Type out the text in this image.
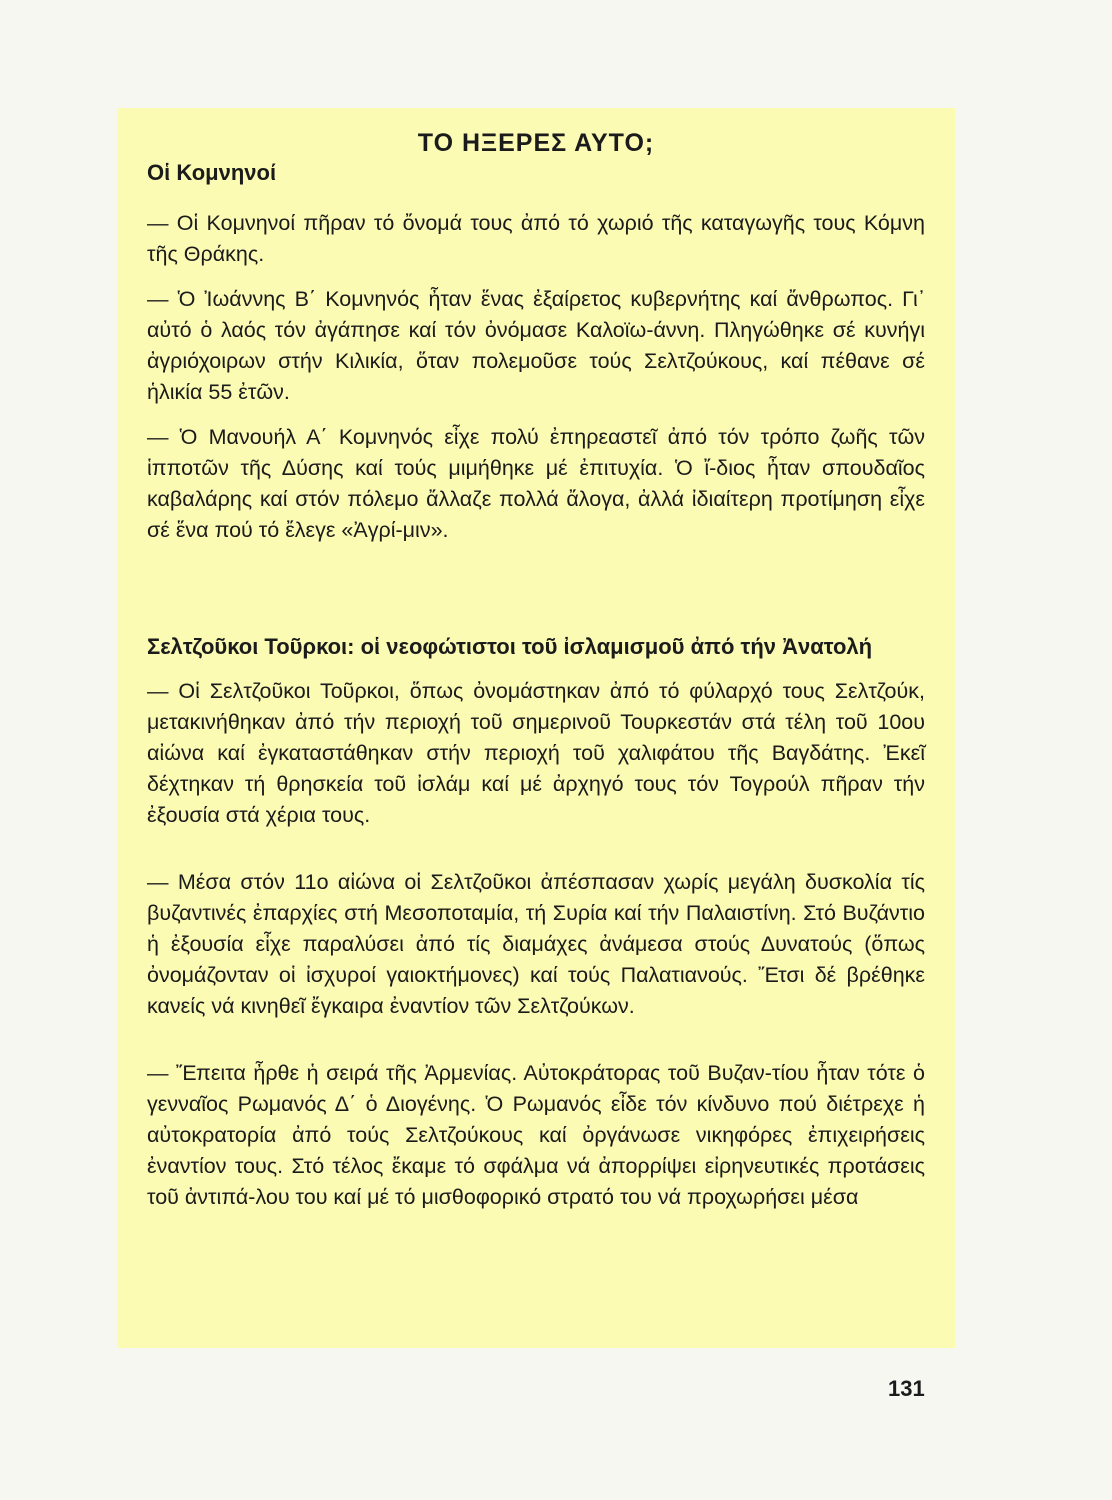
ΤΟ ΗΞΕΡΕΣ ΑΥΤΟ;
Οἱ Κομνηνοί

— Οἱ Κομνηνοί πῆραν τό ὄνομά τους ἀπό τό χωριό τῆς καταγωγῆς τους Κόμνη τῆς Θράκης.

— Ὁ Ἰωάννης Β΄ Κομνηνός ἦταν ἕνας ἐξαίρετος κυβερνήτης καί ἄνθρωπος. Γι᾽ αὐτό ὁ λαός τόν ἀγάπησε καί τόν ὀνόμασε Καλοϊω-άννη. Πληγώθηκε σέ κυνήγι ἀγριόχοιρων στήν Κιλικία, ὅταν πολεμοῦσε τούς Σελτζούκους, καί πέθανε σέ ἡλικία 55 ἐτῶν.

— Ὁ Μανουήλ Α΄ Κομνηνός εἶχε πολύ ἐπηρεαστεῖ ἀπό τόν τρόπο ζωῆς τῶν ἱπποτῶν τῆς Δύσης καί τούς μιμήθηκε μέ ἐπιτυχία. Ὁ ἴ-διος ἦταν σπουδαῖος καβαλάρης καί στόν πόλεμο ἄλλαζε πολλά ἄλογα, ἀλλά ἰδιαίτερη προτίμηση εἶχε σέ ἕνα πού τό ἔλεγε «Ἀγρί-μιν».

Σελτζοῦκοι Τοῦρκοι: οἱ νεοφώτιστοι τοῦ ἰσλαμισμοῦ ἀπό τήν Ἀνατολή

— Οἱ Σελτζοῦκοι Τοῦρκοι, ὅπως ὀνομάστηκαν ἀπό τό φύλαρχό τους Σελτζούκ, μετακινήθηκαν ἀπό τήν περιοχή τοῦ σημερινοῦ Τουρκεστάν στά τέλη τοῦ 10ου αἰώνα καί ἐγκαταστάθηκαν στήν περιοχή τοῦ χαλιφάτου τῆς Βαγδάτης. Ἐκεῖ δέχτηκαν τή θρησκεία τοῦ ἰσλάμ καί μέ ἀρχηγό τους τόν Τογρούλ πῆραν τήν ἐξουσία στά χέρια τους.

— Μέσα στόν 11ο αἰώνα οἱ Σελτζοῦκοι ἀπέσπασαν χωρίς μεγάλη δυσκολία τίς βυζαντινές ἐπαρχίες στή Μεσοποταμία, τή Συρία καί τήν Παλαιστίνη. Στό Βυζάντιο ἡ ἐξουσία εἶχε παραλύσει ἀπό τίς διαμάχες ἀνάμεσα στούς Δυνατούς (ὅπως ὀνομάζονταν οἱ ἰσχυροί γαιοκτήμονες) καί τούς Παλατιανούς. Ἔτσι δέ βρέθηκε κανείς νά κινηθεῖ ἔγκαιρα ἐναντίον τῶν Σελτζούκων.

— Ἔπειτα ἦρθε ἡ σειρά τῆς Ἀρμενίας. Αὐτοκράτορας τοῦ Βυζαν-τίου ἦταν τότε ὁ γενναῖος Ρωμανός Δ΄ ὁ Διογένης. Ὁ Ρωμανός εἶδε τόν κίνδυνο πού διέτρεχε ἡ αὐτοκρατορία ἀπό τούς Σελτζούκους καί ὀργάνωσε νικηφόρες ἐπιχειρήσεις ἐναντίον τους. Στό τέλος ἔκαμε τό σφάλμα νά ἀπορρίψει εἰρηνευτικές προτάσεις τοῦ ἀντιπά-λου του καί μέ τό μισθοφορικό στρατό του νά προχωρήσει μέσα

131
